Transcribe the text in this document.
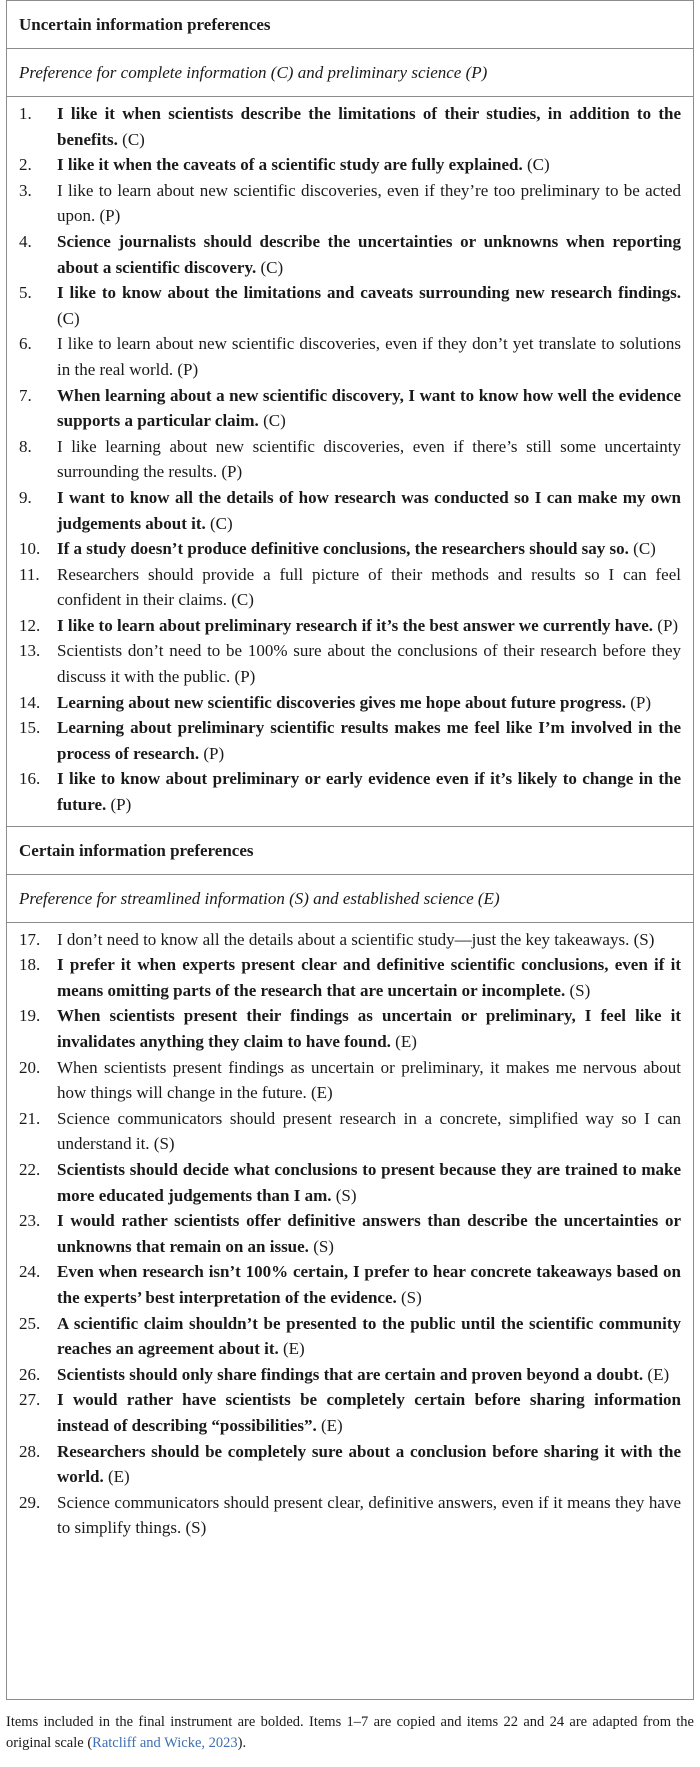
Uncertain information preferences
Preference for complete information (C) and preliminary science (P)
1.	I like it when scientists describe the limitations of their studies, in addition to the benefits. (C)
2.	I like it when the caveats of a scientific study are fully explained. (C)
3.	I like to learn about new scientific discoveries, even if they’re too preliminary to be acted upon. (P)
4.	Science journalists should describe the uncertainties or unknowns when reporting about a scientific discovery. (C)
5.	I like to know about the limitations and caveats surrounding new research findings. (C)
6.	I like to learn about new scientific discoveries, even if they don’t yet translate to solutions in the real world. (P)
7.	When learning about a new scientific discovery, I want to know how well the evidence supports a particular claim. (C)
8.	I like learning about new scientific discoveries, even if there’s still some uncertainty surrounding the results. (P)
9.	I want to know all the details of how research was conducted so I can make my own judgements about it. (C)
10. If a study doesn’t produce definitive conclusions, the researchers should say so. (C)
11.	Researchers should provide a full picture of their methods and results so I can feel confident in their claims. (C)
12. I like to learn about preliminary research if it’s the best answer we currently have. (P)
13. Scientists don’t need to be 100% sure about the conclusions of their research before they discuss it with the public. (P)
14. Learning about new scientific discoveries gives me hope about future progress. (P)
15. Learning about preliminary scientific results makes me feel like I’m involved in the process of research. (P)
16. I like to know about preliminary or early evidence even if it’s likely to change in the future. (P)
Certain information preferences
Preference for streamlined information (S) and established science (E)
17. I don’t need to know all the details about a scientific study—just the key takeaways. (S)
18. I prefer it when experts present clear and definitive scientific conclusions, even if it means omitting parts of the research that are uncertain or incomplete. (S)
19. When scientists present their findings as uncertain or preliminary, I feel like it invalidates anything they claim to have found. (E)
20. When scientists present findings as uncertain or preliminary, it makes me nervous about how things will change in the future. (E)
21. Science communicators should present research in a concrete, simplified way so I can understand it. (S)
22. Scientists should decide what conclusions to present because they are trained to make more educated judgements than I am. (S)
23. I would rather scientists offer definitive answers than describe the uncertainties or unknowns that remain on an issue. (S)
24. Even when research isn’t 100% certain, I prefer to hear concrete takeaways based on the experts’ best interpretation of the evidence. (S)
25. A scientific claim shouldn’t be presented to the public until the scientific community reaches an agreement about it. (E)
26. Scientists should only share findings that are certain and proven beyond a doubt. (E)
27. I would rather have scientists be completely certain before sharing information instead of describing “possibilities”. (E)
28. Researchers should be completely sure about a conclusion before sharing it with the world. (E)
29. Science communicators should present clear, definitive answers, even if it means they have to simplify things. (S)
Items included in the final instrument are bolded. Items 1–7 are copied and items 22 and 24 are adapted from the original scale (Ratcliff and Wicke, 2023).
